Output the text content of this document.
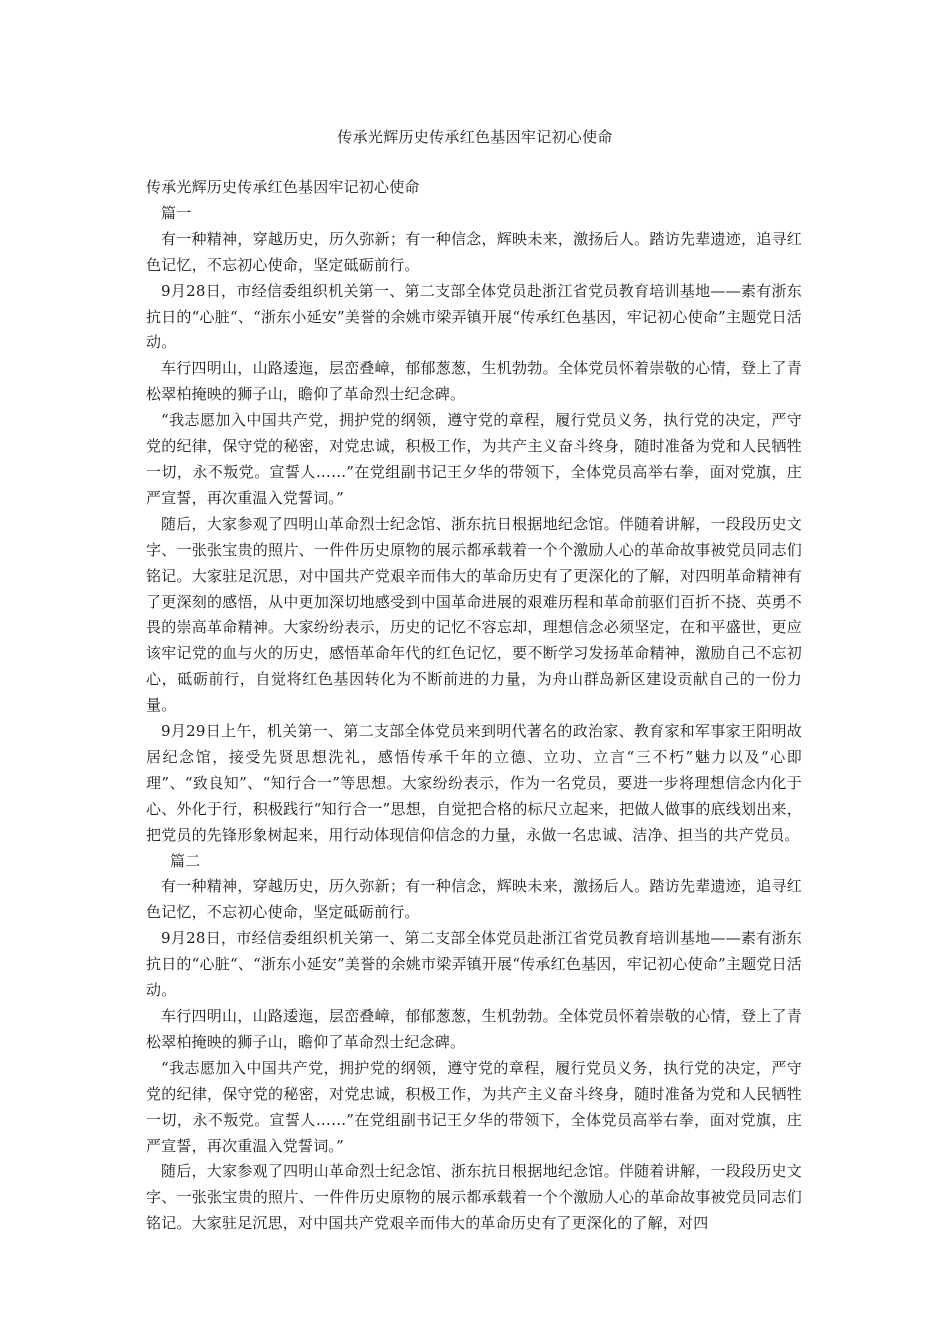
传承光辉历史传承红色基因牢记初心使命

传承光辉历史传承红色基因牢记初心使命

篇一

有一种精神，穿越历史，历久弥新；有一种信念，辉映未来，激扬后人。踏访先辈遗迹，追寻红色记忆，不忘初心使命，坚定砥砺前行。

9月28日，市经信委组织机关第一、第二支部全体党员赴浙江省党员教育培训基地——素有浙东抗日的“心脏“、“浙东小延安”美誉的余姚市梁弄镇开展“传承红色基因，牢记初心使命”主题党日活动。

车行四明山，山路逶迤，层峦叠嶂，郁郁葱葱，生机勃勃。全体党员怀着崇敬的心情，登上了青松翠柏掩映的狮子山，瞻仰了革命烈士纪念碑。

“我志愿加入中国共产党，拥护党的纲领，遵守党的章程，履行党员义务，执行党的决定，严守党的纪律，保守党的秘密，对党忠诚，积极工作，为共产主义奋斗终身，随时准备为党和人民牺牲一切，永不叛党。宣誓人……”在党组副书记王夕华的带领下，全体党员高举右拳，面对党旗，庄严宣誓，再次重温入党誓词。”

随后，大家参观了四明山革命烈士纪念馆、浙东抗日根据地纪念馆。伴随着讲解，一段段历史文字、一张张宝贵的照片、一件件历史原物的展示都承载着一个个激励人心的革命故事被党员同志们铭记。大家驻足沉思，对中国共产党艰辛而伟大的革命历史有了更深化的了解，对四明革命精神有了更深刻的感悟，从中更加深切地感受到中国革命进展的艰难历程和革命前驱们百折不挠、英勇不畏的崇高革命精神。大家纷纷表示，历史的记忆不容忘却，理想信念必须坚定，在和平盛世，更应该牢记党的血与火的历史，感悟革命年代的红色记忆，要不断学习发扬革命精神，激励自己不忘初心，砥砺前行，自觉将红色基因转化为不断前进的力量，为舟山群岛新区建设贡献自己的一份力量。

9月29日上午，机关第一、第二支部全体党员来到明代著名的政治家、教育家和军事家王阳明故居纪念馆，接受先贤思想洗礼，感悟传承千年的立德、立功、立言“三不朽”魅力以及“心即理”、“致良知”、“知行合一”等思想。大家纷纷表示，作为一名党员，要进一步将理想信念内化于心、外化于行，积极践行“知行合一”思想，自觉把合格的标尺立起来，把做人做事的底线划出来，把党员的先锋形象树起来，用行动体现信仰信念的力量，永做一名忠诚、洁净、担当的共产党员。

篇二

有一种精神，穿越历史，历久弥新；有一种信念，辉映未来，激扬后人。踏访先辈遗迹，追寻红色记忆，不忘初心使命，坚定砥砺前行。

9月28日，市经信委组织机关第一、第二支部全体党员赴浙江省党员教育培训基地——素有浙东抗日的“心脏“、“浙东小延安”美誉的余姚市梁弄镇开展“传承红色基因，牢记初心使命”主题党日活动。

车行四明山，山路逶迤，层峦叠嶂，郁郁葱葱，生机勃勃。全体党员怀着崇敬的心情，登上了青松翠柏掩映的狮子山，瞻仰了革命烈士纪念碑。

“我志愿加入中国共产党，拥护党的纲领，遵守党的章程，履行党员义务，执行党的决定，严守党的纪律，保守党的秘密，对党忠诚，积极工作，为共产主义奋斗终身，随时准备为党和人民牺牲一切，永不叛党。宣誓人……”在党组副书记王夕华的带领下，全体党员高举右拳，面对党旗，庄严宣誓，再次重温入党誓词。”

随后，大家参观了四明山革命烈士纪念馆、浙东抗日根据地纪念馆。伴随着讲解，一段段历史文字、一张张宝贵的照片、一件件历史原物的展示都承载着一个个激励人心的革命故事被党员同志们铭记。大家驻足沉思，对中国共产党艰辛而伟大的革命历史有了更深化的了解，对四
